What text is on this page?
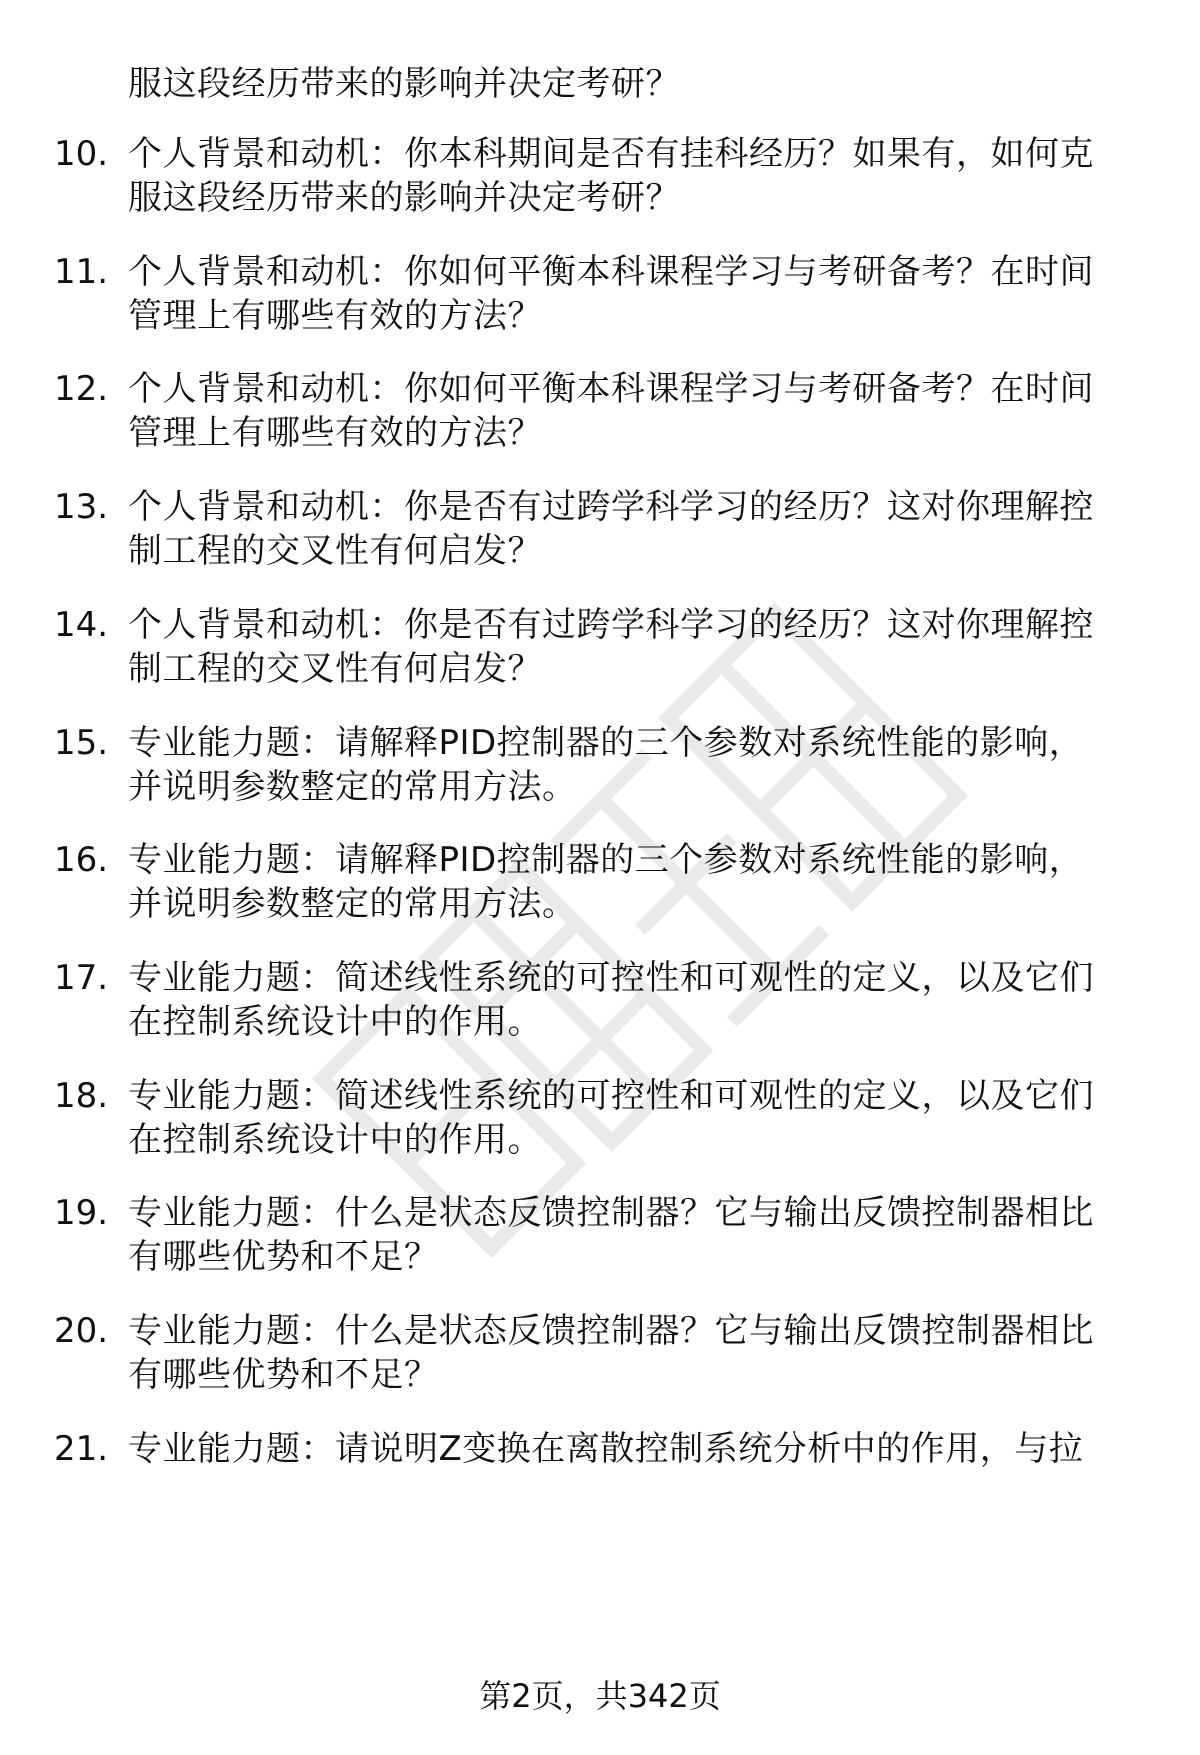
服这段经历带来的影响并决定考研？
10. 个人背景和动机：你本科期间是否有挂科经历？如果有，如何克
服这段经历带来的影响并决定考研？
11. 个人背景和动机：你如何平衡本科课程学习与考研备考？在时间
管理上有哪些有效的方法？
12. 个人背景和动机：你如何平衡本科课程学习与考研备考？在时间
管理上有哪些有效的方法？
13. 个人背景和动机：你是否有过跨学科学习的经历？这对你理解控
制工程的交叉性有何启发？
14. 个人背景和动机：你是否有过跨学科学习的经历？这对你理解控
制工程的交叉性有何启发？
15. 专业能力题：请解释PID控制器的三个参数对系统性能的影响，
并说明参数整定的常用方法。
16. 专业能力题：请解释PID控制器的三个参数对系统性能的影响，
并说明参数整定的常用方法。
17. 专业能力题：简述线性系统的可控性和可观性的定义，以及它们
在控制系统设计中的作用。
18. 专业能力题：简述线性系统的可控性和可观性的定义，以及它们
在控制系统设计中的作用。
19. 专业能力题：什么是状态反馈控制器？它与输出反馈控制器相比
有哪些优势和不足？
20. 专业能力题：什么是状态反馈控制器？它与输出反馈控制器相比
有哪些优势和不足？
21. 专业能力题：请说明Z变换在离散控制系统分析中的作用，与拉
第2页，共342页
